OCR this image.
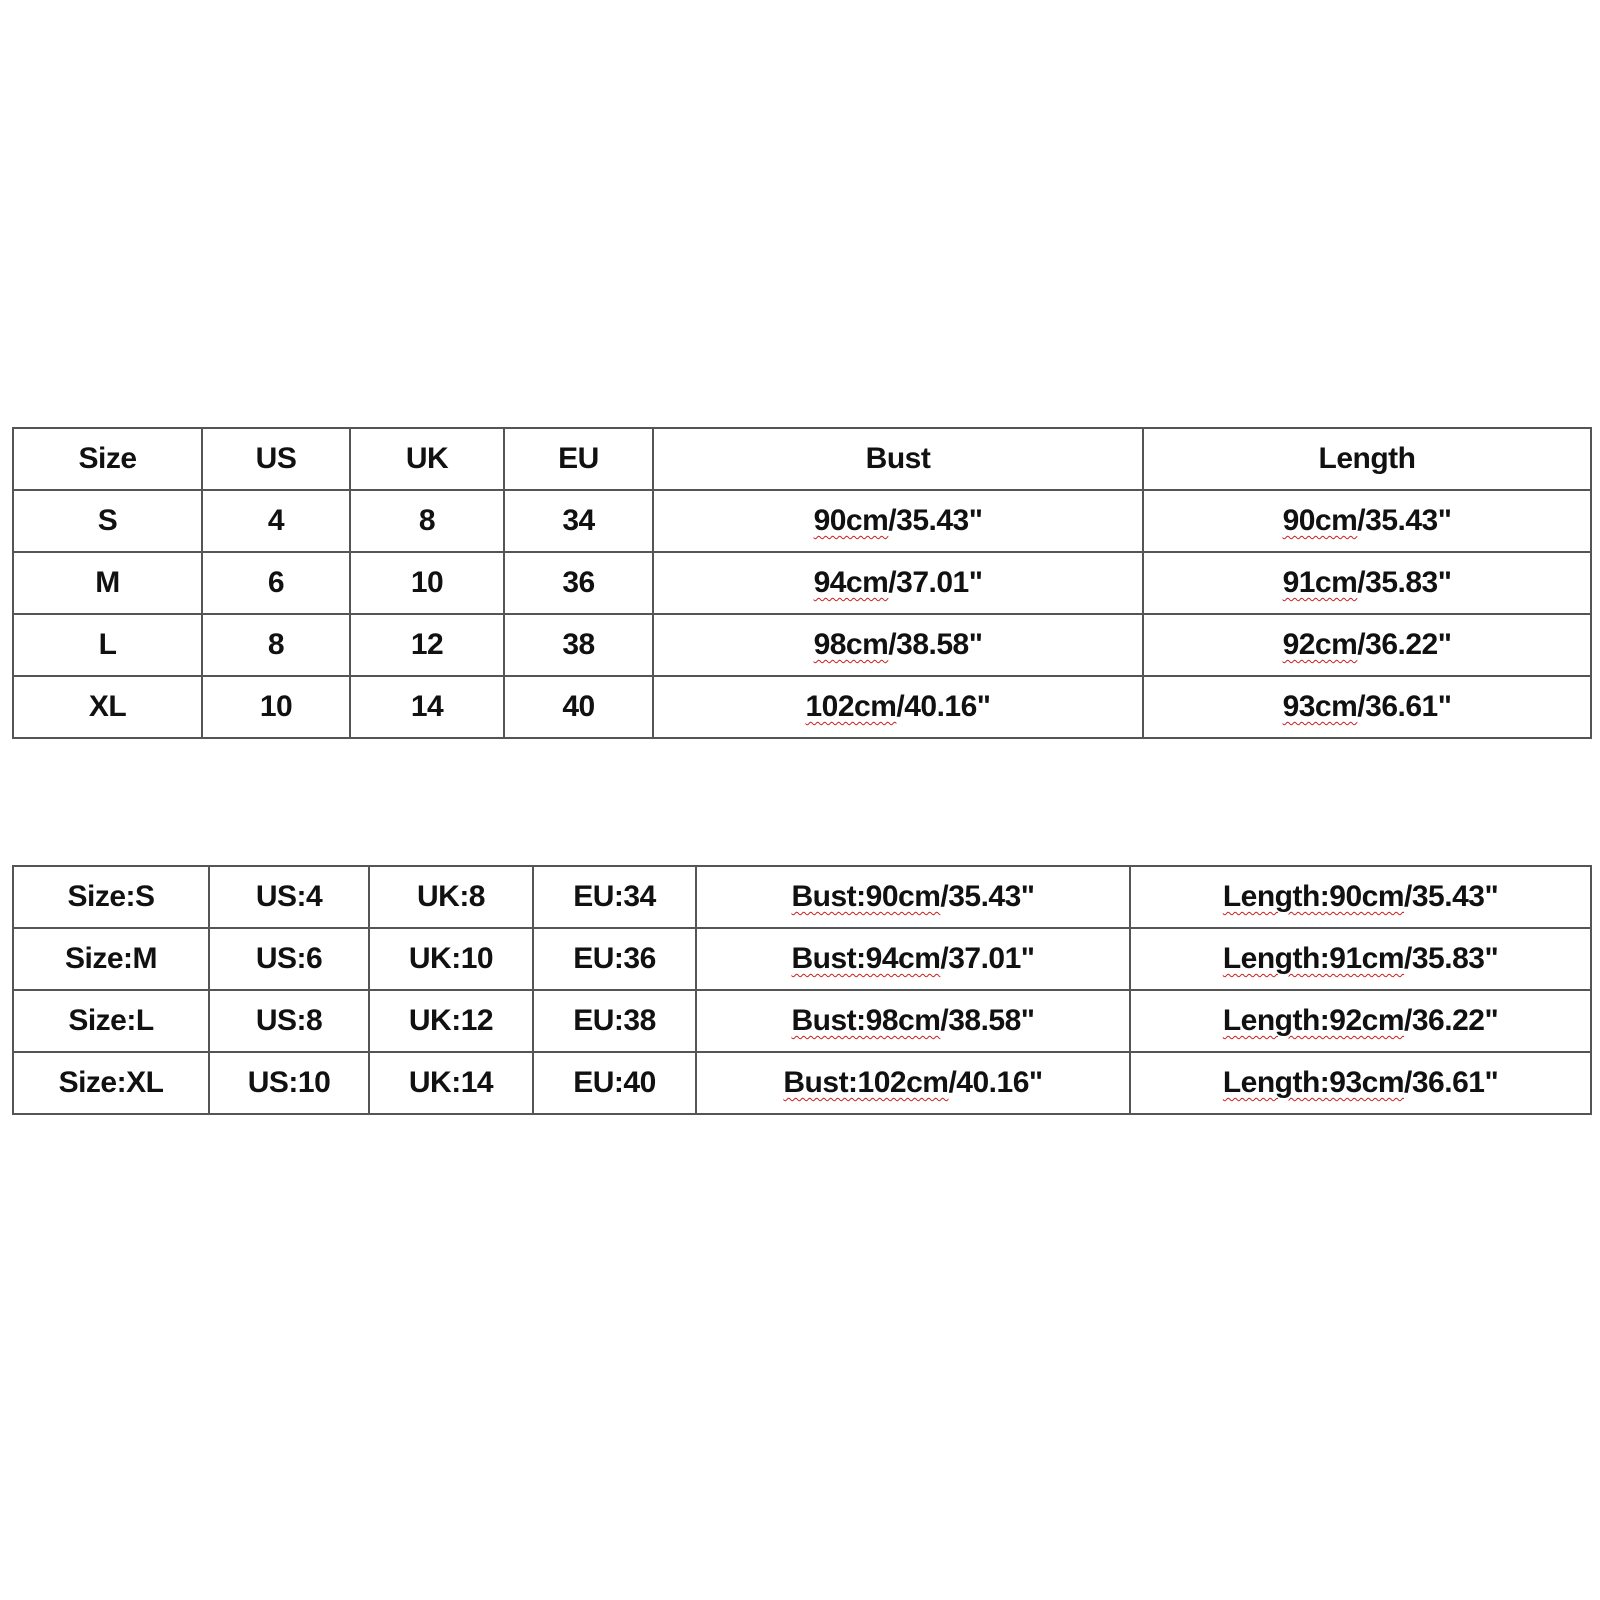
Size	US	UK	EU	Bust	Length
S	4	8	34	90cm/35.43"	90cm/35.43"
M	6	10	36	94cm/37.01"	91cm/35.83"
L	8	12	38	98cm/38.58"	92cm/36.22"
XL	10	14	40	102cm/40.16"	93cm/36.61"
Size:S	US:4	UK:8	EU:34	Bust:90cm/35.43"	Length:90cm/35.43"
Size:M	US:6	UK:10	EU:36	Bust:94cm/37.01"	Length:91cm/35.83"
Size:L	US:8	UK:12	EU:38	Bust:98cm/38.58"	Length:92cm/36.22"
Size:XL	US:10	UK:14	EU:40	Bust:102cm/40.16"	Length:93cm/36.61"
